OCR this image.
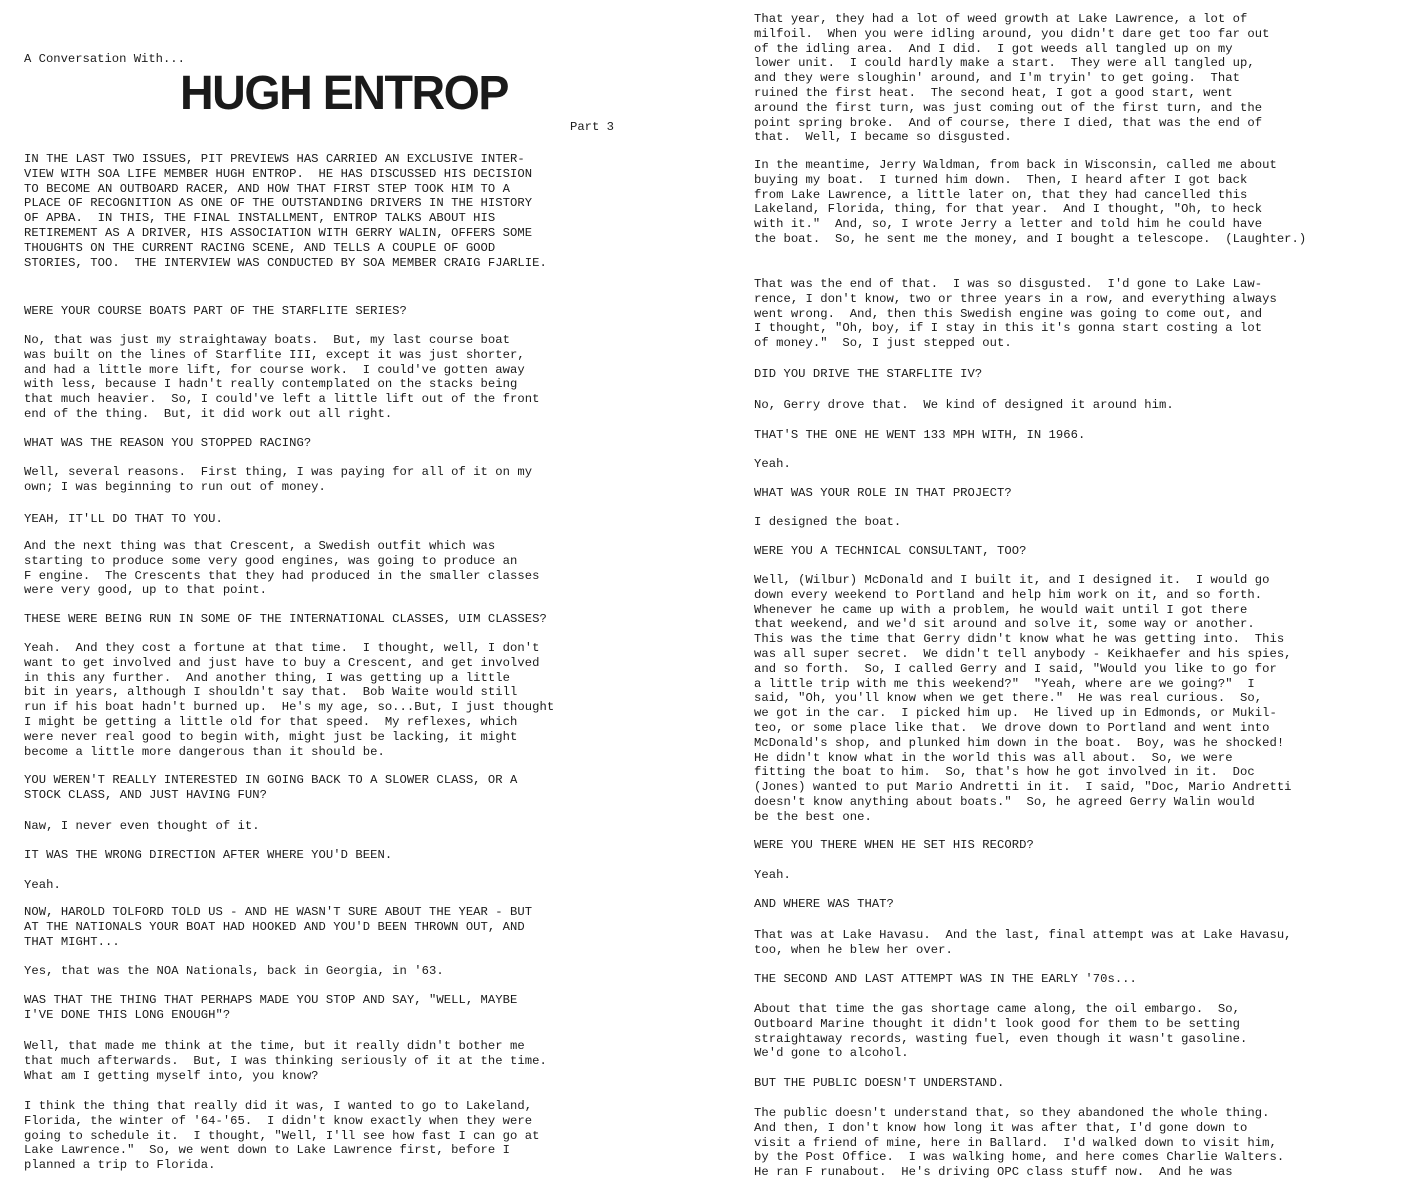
A Conversation With...
HUGH ENTROP
Part 3

IN THE LAST TWO ISSUES, PIT PREVIEWS HAS CARRIED AN EXCLUSIVE INTER-
VIEW WITH SOA LIFE MEMBER HUGH ENTROP.  HE HAS DISCUSSED HIS DECISION
TO BECOME AN OUTBOARD RACER, AND HOW THAT FIRST STEP TOOK HIM TO A
PLACE OF RECOGNITION AS ONE OF THE OUTSTANDING DRIVERS IN THE HISTORY
OF APBA.  IN THIS, THE FINAL INSTALLMENT, ENTROP TALKS ABOUT HIS
RETIREMENT AS A DRIVER, HIS ASSOCIATION WITH GERRY WALIN, OFFERS SOME
THOUGHTS ON THE CURRENT RACING SCENE, AND TELLS A COUPLE OF GOOD
STORIES, TOO.  THE INTERVIEW WAS CONDUCTED BY SOA MEMBER CRAIG FJARLIE.

WERE YOUR COURSE BOATS PART OF THE STARFLITE SERIES?

No, that was just my straightaway boats.  But, my last course boat
was built on the lines of Starflite III, except it was just shorter,
and had a little more lift, for course work.  I could've gotten away
with less, because I hadn't really contemplated on the stacks being
that much heavier.  So, I could've left a little lift out of the front
end of the thing.  But, it did work out all right.

WHAT WAS THE REASON YOU STOPPED RACING?

Well, several reasons.  First thing, I was paying for all of it on my
own; I was beginning to run out of money.

YEAH, IT'LL DO THAT TO YOU.

And the next thing was that Crescent, a Swedish outfit which was
starting to produce some very good engines, was going to produce an
F engine.  The Crescents that they had produced in the smaller classes
were very good, up to that point.

THESE WERE BEING RUN IN SOME OF THE INTERNATIONAL CLASSES, UIM CLASSES?

Yeah.  And they cost a fortune at that time.  I thought, well, I don't
want to get involved and just have to buy a Crescent, and get involved
in this any further.  And another thing, I was getting up a little
bit in years, although I shouldn't say that.  Bob Waite would still
run if his boat hadn't burned up.  He's my age, so...But, I just thought
I might be getting a little old for that speed.  My reflexes, which
were never real good to begin with, might just be lacking, it might
become a little more dangerous than it should be.

YOU WEREN'T REALLY INTERESTED IN GOING BACK TO A SLOWER CLASS, OR A
STOCK CLASS, AND JUST HAVING FUN?

Naw, I never even thought of it.

IT WAS THE WRONG DIRECTION AFTER WHERE YOU'D BEEN.

Yeah.

NOW, HAROLD TOLFORD TOLD US - AND HE WASN'T SURE ABOUT THE YEAR - BUT
AT THE NATIONALS YOUR BOAT HAD HOOKED AND YOU'D BEEN THROWN OUT, AND
THAT MIGHT...

Yes, that was the NOA Nationals, back in Georgia, in '63.

WAS THAT THE THING THAT PERHAPS MADE YOU STOP AND SAY, "WELL, MAYBE
I'VE DONE THIS LONG ENOUGH"?

Well, that made me think at the time, but it really didn't bother me
that much afterwards.  But, I was thinking seriously of it at the time.
What am I getting myself into, you know?

I think the thing that really did it was, I wanted to go to Lakeland,
Florida, the winter of '64-'65.  I didn't know exactly when they were
going to schedule it.  I thought, "Well, I'll see how fast I can go at
Lake Lawrence."  So, we went down to Lake Lawrence first, before I
planned a trip to Florida.

That year, they had a lot of weed growth at Lake Lawrence, a lot of
milfoil.  When you were idling around, you didn't dare get too far out
of the idling area.  And I did.  I got weeds all tangled up on my
lower unit.  I could hardly make a start.  They were all tangled up,
and they were sloughin' around, and I'm tryin' to get going.  That
ruined the first heat.  The second heat, I got a good start, went
around the first turn, was just coming out of the first turn, and the
point spring broke.  And of course, there I died, that was the end of
that.  Well, I became so disgusted.

In the meantime, Jerry Waldman, from back in Wisconsin, called me about
buying my boat.  I turned him down.  Then, I heard after I got back
from Lake Lawrence, a little later on, that they had cancelled this
Lakeland, Florida, thing, for that year.  And I thought, "Oh, to heck
with it."  And, so, I wrote Jerry a letter and told him he could have
the boat.  So, he sent me the money, and I bought a telescope.  (Laughter.)

That was the end of that.  I was so disgusted.  I'd gone to Lake Law-
rence, I don't know, two or three years in a row, and everything always
went wrong.  And, then this Swedish engine was going to come out, and
I thought, "Oh, boy, if I stay in this it's gonna start costing a lot
of money."  So, I just stepped out.

DID YOU DRIVE THE STARFLITE IV?

No, Gerry drove that.  We kind of designed it around him.

THAT'S THE ONE HE WENT 133 MPH WITH, IN 1966.

Yeah.

WHAT WAS YOUR ROLE IN THAT PROJECT?

I designed the boat.

WERE YOU A TECHNICAL CONSULTANT, TOO?

Well, (Wilbur) McDonald and I built it, and I designed it.  I would go
down every weekend to Portland and help him work on it, and so forth.
Whenever he came up with a problem, he would wait until I got there
that weekend, and we'd sit around and solve it, some way or another.
This was the time that Gerry didn't know what he was getting into.  This
was all super secret.  We didn't tell anybody - Keikhaefer and his spies,
and so forth.  So, I called Gerry and I said, "Would you like to go for
a little trip with me this weekend?"  "Yeah, where are we going?"  I
said, "Oh, you'll know when we get there."  He was real curious.  So,
we got in the car.  I picked him up.  He lived up in Edmonds, or Mukil-
teo, or some place like that.  We drove down to Portland and went into
McDonald's shop, and plunked him down in the boat.  Boy, was he shocked!
He didn't know what in the world this was all about.  So, we were
fitting the boat to him.  So, that's how he got involved in it.  Doc
(Jones) wanted to put Mario Andretti in it.  I said, "Doc, Mario Andretti
doesn't know anything about boats."  So, he agreed Gerry Walin would
be the best one.

WERE YOU THERE WHEN HE SET HIS RECORD?

Yeah.

AND WHERE WAS THAT?

That was at Lake Havasu.  And the last, final attempt was at Lake Havasu,
too, when he blew her over.

THE SECOND AND LAST ATTEMPT WAS IN THE EARLY '70s...

About that time the gas shortage came along, the oil embargo.  So,
Outboard Marine thought it didn't look good for them to be setting
straightaway records, wasting fuel, even though it wasn't gasoline.
We'd gone to alcohol.

BUT THE PUBLIC DOESN'T UNDERSTAND.

The public doesn't understand that, so they abandoned the whole thing.
And then, I don't know how long it was after that, I'd gone down to
visit a friend of mine, here in Ballard.  I'd walked down to visit him,
by the Post Office.  I was walking home, and here comes Charlie Walters.
He ran F runabout.  He's driving OPC class stuff now.  And he was
